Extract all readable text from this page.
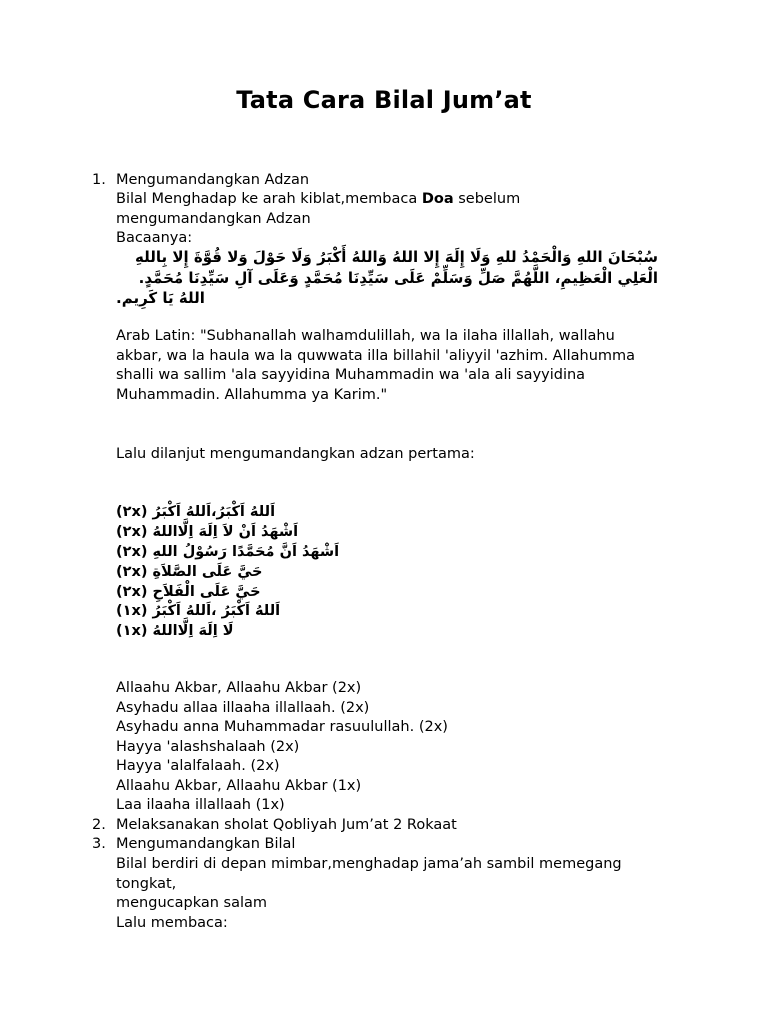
Tata Cara Bilal Jum’at
1. Mengumandangkan Adzan
Bilal Menghadap ke arah kiblat,membaca Doa sebelum
mengumandangkan Adzan
Bacaanya:
سُبْحَانَ اللهِ وَالْحَمْدُ للهِ وَلَا إِلَهَ إِلا اللهُ وَاللهُ أَكْبَرُ وَلَا حَوْلَ وَلا قُوَّةَ إِلا بِاللهِ
الْعَلِي الْعَظِيمِ، اللَّهُمَّ صَلِّ وَسَلِّمْ عَلَى سَيِّدِنَا مُحَمَّدٍ وَعَلَى آلِ سَيِّدِنَا مُحَمَّدٍ.
اللهُ يَا كَرِيم.
Arab Latin: "Subhanallah walhamdulillah, wa la ilaha illallah, wallahu
akbar, wa la haula wa la quwwata illa billahil 'aliyyil 'azhim. Allahumma
shalli wa sallim 'ala sayyidina Muhammadin wa 'ala ali sayyidina
Muhammadin. Allahumma ya Karim."
Lalu dilanjut mengumandangkan adzan pertama:
اَللهُ اَكْبَرُ،اَللهُ اَكْبَرُ (٢x)
اَشْهَدُ اَنْ لاَ اِلَهَ اِلَّااللهُ (٢x)
اَشْهَدُ اَنَّ مُحَمَّدًا رَسُوْلُ اللهِ (٢x)
حَيَّ عَلَى الصَّلاَةِ (٢x)
حَيَّ عَلَى الْفَلاَحِ (٢x)
اَللهُ اَكْبَرُ ،اَللهُ اَكْبَرُ (١x)
لَا اِلَهَ اِلَّااللهُ (١x)
Allaahu Akbar, Allaahu Akbar (2x)
Asyhadu allaa illaaha illallaah. (2x)
Asyhadu anna Muhammadar rasuulullah. (2x)
Hayya 'alashshalaah (2x)
Hayya 'alalfalaah. (2x)
Allaahu Akbar, Allaahu Akbar (1x)
Laa ilaaha illallaah (1x)
2. Melaksanakan sholat Qobliyah Jum’at 2 Rokaat
3. Mengumandangkan Bilal
Bilal berdiri di depan mimbar,menghadap jama’ah sambil memegang
tongkat,
mengucapkan salam
Lalu membaca:
